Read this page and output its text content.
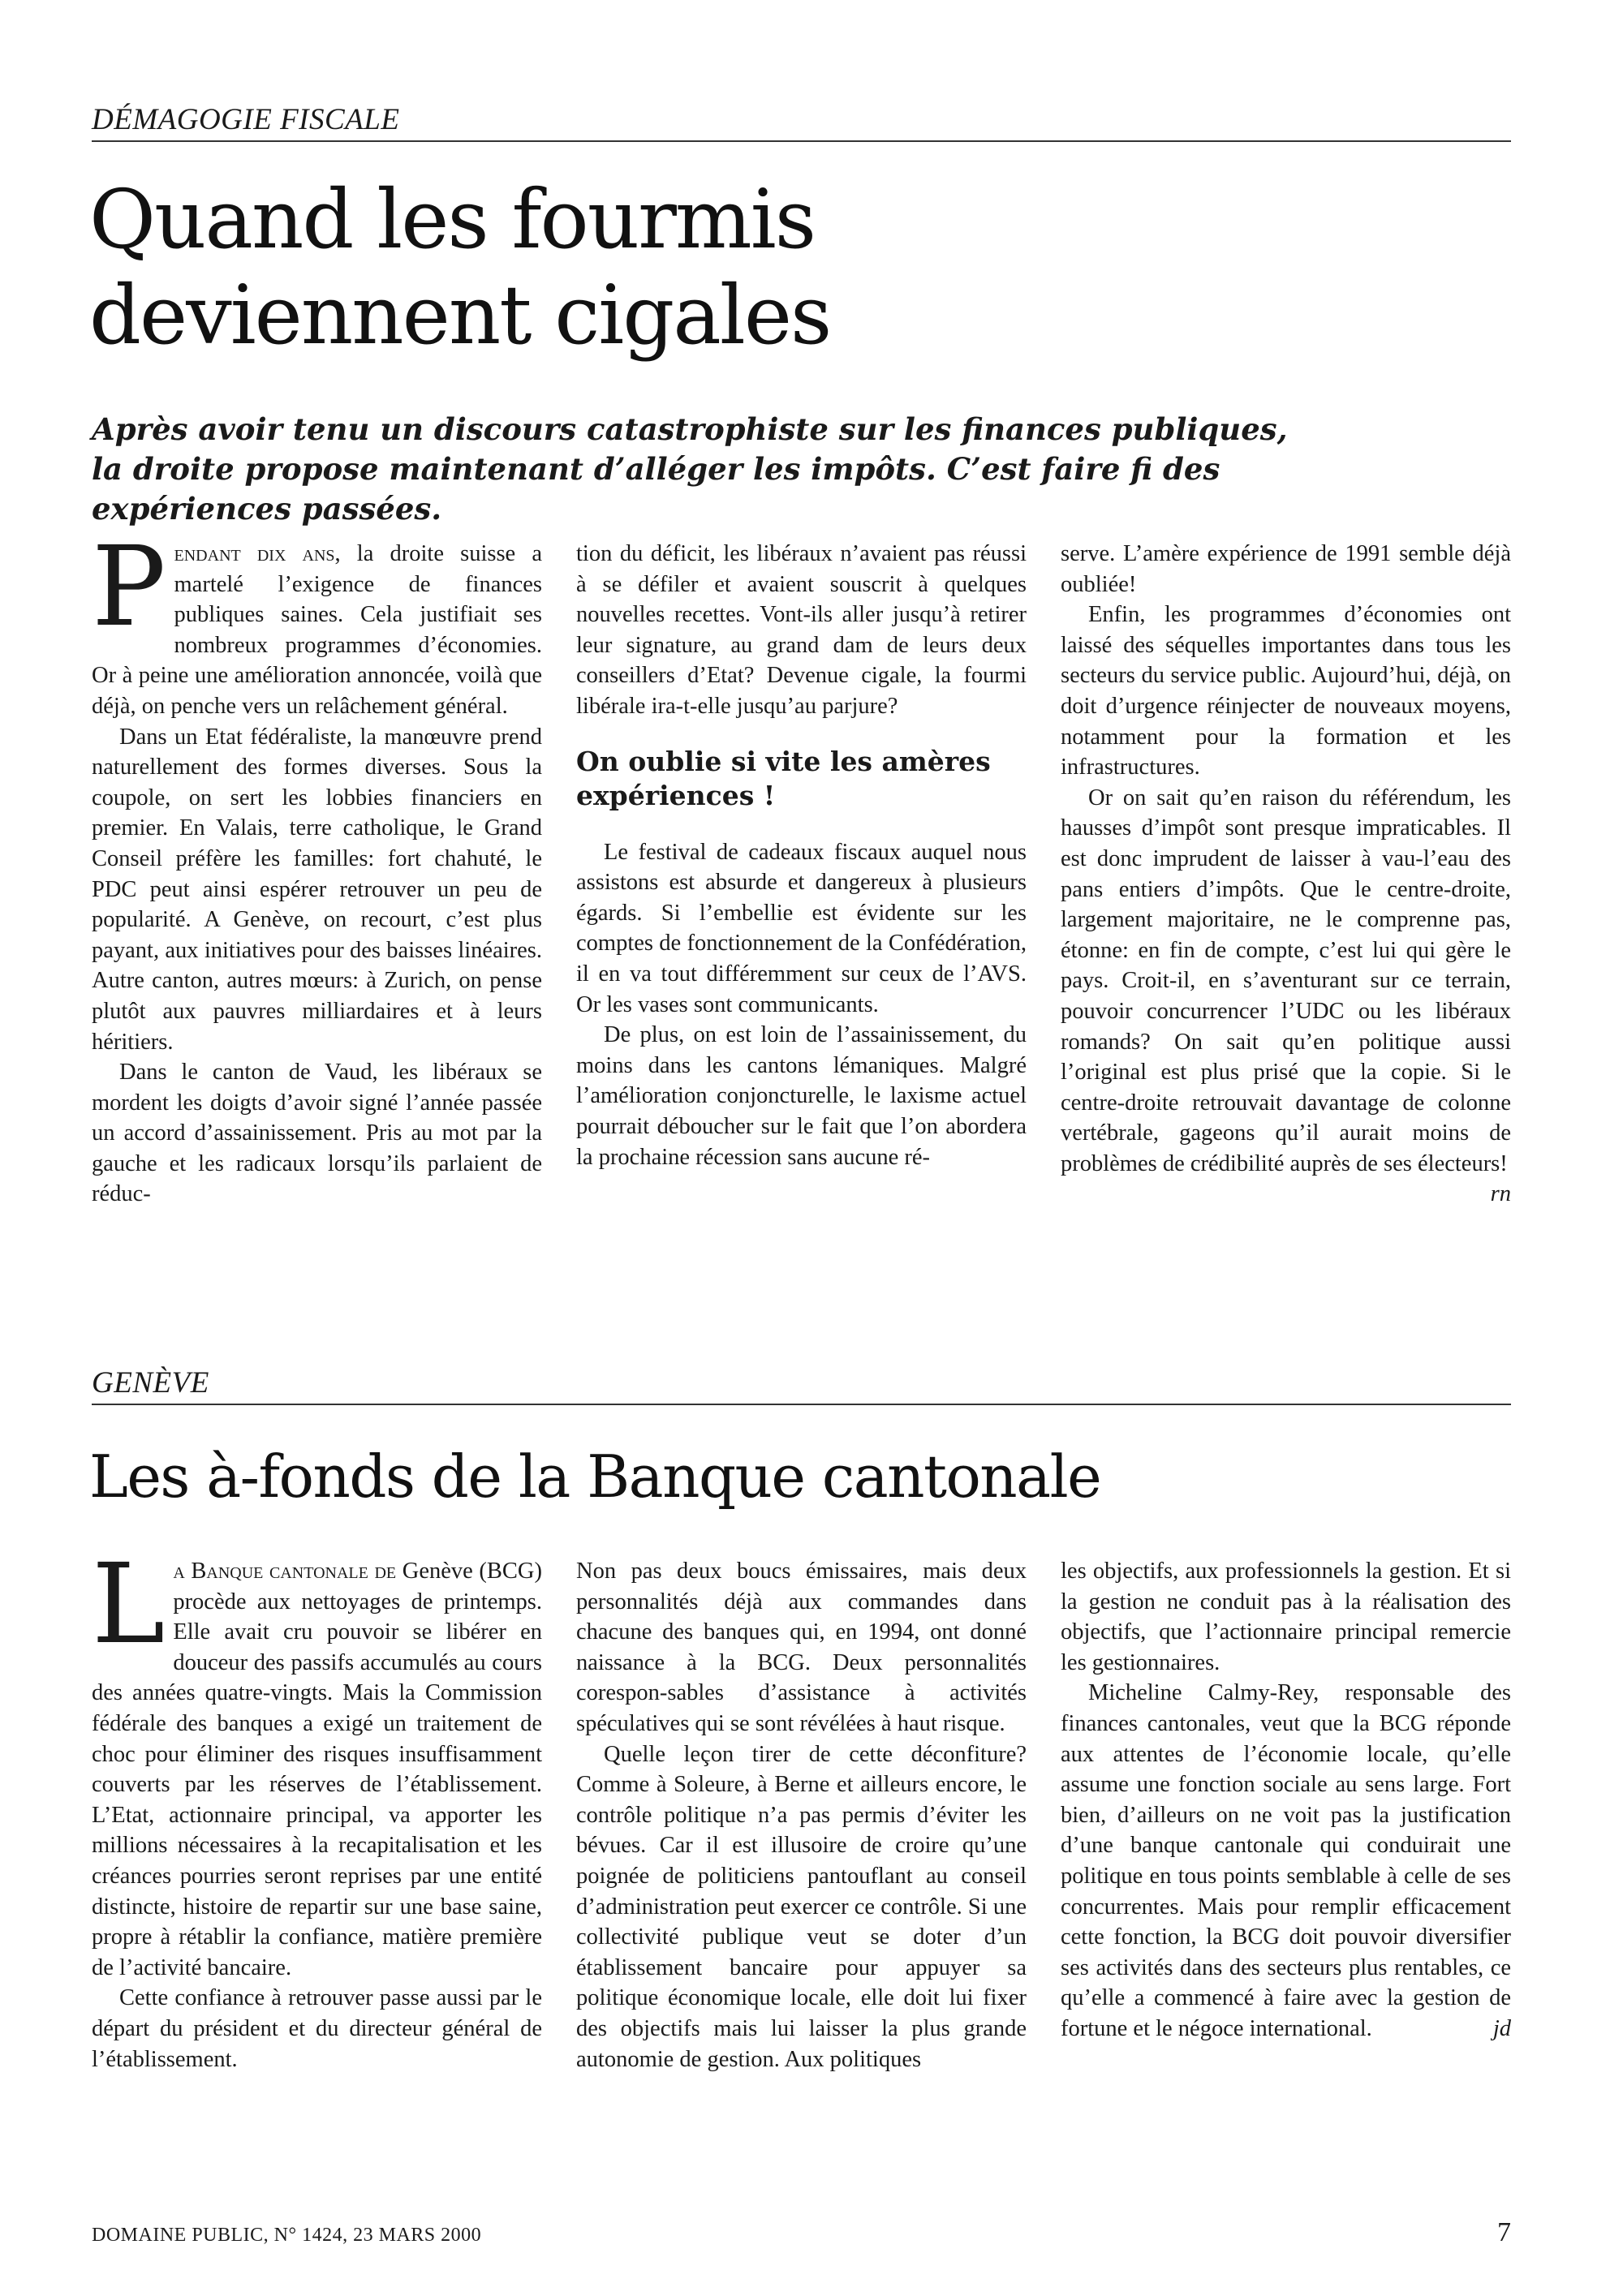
DÉMAGOGIE FISCALE
Quand les fourmis
deviennent cigales

Après avoir tenu un discours catastrophiste sur les finances publiques, la droite propose maintenant d’alléger les impôts. C’est faire fi des expériences passées.

Pendant dix ans, la droite suisse a martelé l’exigence de finances publiques saines. Cela justifiait ses nombreux programmes d’économies. Or à peine une amélioration annoncée, voilà que déjà, on penche vers un relâchement général.

Dans un Etat fédéraliste, la manœuvre prend naturellement des formes diverses. Sous la coupole, on sert les lobbies financiers en premier. En Valais, terre catholique, le Grand Conseil préfère les familles: fort chahuté, le PDC peut ainsi espérer retrouver un peu de popularité. A Genève, on recourt, c’est plus payant, aux initiatives pour des baisses linéaires. Autre canton, autres mœurs: à Zurich, on pense plutôt aux pauvres milliardaires et à leurs héritiers.

Dans le canton de Vaud, les libéraux se mordent les doigts d’avoir signé l’année passée un accord d’assainissement. Pris au mot par la gauche et les radicaux lorsqu’ils parlaient de réduc-

tion du déficit, les libéraux n’avaient pas réussi à se défiler et avaient souscrit à quelques nouvelles recettes. Vont-ils aller jusqu’à retirer leur signature, au grand dam de leurs deux conseillers d’Etat? Devenue cigale, la fourmi libérale ira-t-elle jusqu’au parjure?

On oublie si vite les amères expériences !

Le festival de cadeaux fiscaux auquel nous assistons est absurde et dangereux à plusieurs égards. Si l’embellie est évidente sur les comptes de fonctionnement de la Confédération, il en va tout différemment sur ceux de l’AVS. Or les vases sont communicants.

De plus, on est loin de l’assainissement, du moins dans les cantons lémaniques. Malgré l’amélioration conjoncturelle, le laxisme actuel pourrait déboucher sur le fait que l’on abordera la prochaine récession sans aucune ré-

serve. L’amère expérience de 1991 semble déjà oubliée!

Enfin, les programmes d’économies ont laissé des séquelles importantes dans tous les secteurs du service public. Aujourd’hui, déjà, on doit d’urgence réinjecter de nouveaux moyens, notamment pour la formation et les infrastructures.

Or on sait qu’en raison du référendum, les hausses d’impôt sont presque impraticables. Il est donc imprudent de laisser à vau-l’eau des pans entiers d’impôts. Que le centre-droite, largement majoritaire, ne le comprenne pas, étonne: en fin de compte, c’est lui qui gère le pays. Croit-il, en s’aventurant sur ce terrain, pouvoir concurrencer l’UDC ou les libéraux romands? On sait qu’en politique aussi l’original est plus prisé que la copie. Si le centre-droite retrouvait davantage de colonne vertébrale, gageons qu’il aurait moins de problèmes de crédibilité auprès de ses électeurs!
rn

GENÈVE
Les à-fonds de la Banque cantonale

La Banque cantonale de Genève (BCG) procède aux nettoyages de printemps. Elle avait cru pouvoir se libérer en douceur des passifs accumulés au cours des années quatre-vingts. Mais la Commission fédérale des banques a exigé un traitement de choc pour éliminer des risques insuffisamment couverts par les réserves de l’établissement. L’Etat, actionnaire principal, va apporter les millions nécessaires à la recapitalisation et les créances pourries seront reprises par une entité distincte, histoire de repartir sur une base saine, propre à rétablir la confiance, matière première de l’activité bancaire.

Cette confiance à retrouver passe aussi par le départ du président et du directeur général de l’établissement.

Non pas deux boucs émissaires, mais deux personnalités déjà aux commandes dans chacune des banques qui, en 1994, ont donné naissance à la BCG. Deux personnalités corespon-sables d’assistance à activités spéculatives qui se sont révélées à haut risque.

Quelle leçon tirer de cette déconfiture? Comme à Soleure, à Berne et ailleurs encore, le contrôle politique n’a pas permis d’éviter les bévues. Car il est illusoire de croire qu’une poignée de politiciens pantouflant au conseil d’administration peut exercer ce contrôle. Si une collectivité publique veut se doter d’un établissement bancaire pour appuyer sa politique économique locale, elle doit lui fixer des objectifs mais lui laisser la plus grande autonomie de gestion. Aux politiques

les objectifs, aux professionnels la gestion. Et si la gestion ne conduit pas à la réalisation des objectifs, que l’actionnaire principal remercie les gestionnaires.

Micheline Calmy-Rey, responsable des finances cantonales, veut que la BCG réponde aux attentes de l’économie locale, qu’elle assume une fonction sociale au sens large. Fort bien, d’ailleurs on ne voit pas la justification d’une banque cantonale qui conduirait une politique en tous points semblable à celle de ses concurrentes. Mais pour remplir efficacement cette fonction, la BCG doit pouvoir diversifier ses activités dans des secteurs plus rentables, ce qu’elle a commencé à faire avec la gestion de fortune et le négoce international.	jd

DOMAINE PUBLIC, N° 1424, 23 MARS 2000	7
